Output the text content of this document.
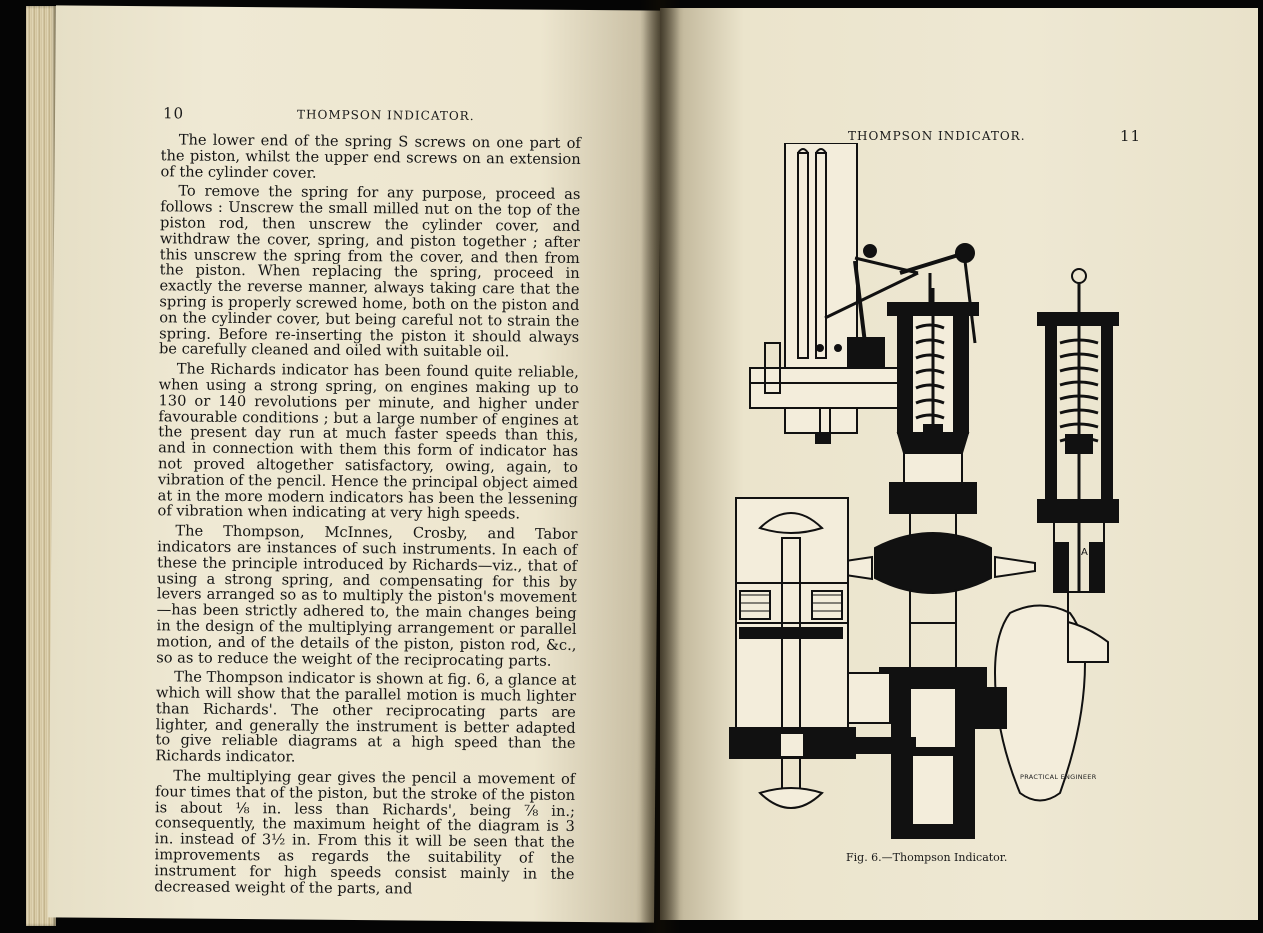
10	THOMPSON INDICATOR.

The lower end of the spring S screws on one part of the piston, whilst the upper end screws on an extension of the cylinder cover.

To remove the spring for any purpose, proceed as follows : Unscrew the small milled nut on the top of the piston rod, then unscrew the cylinder cover, and withdraw the cover, spring, and piston together ; after this unscrew the spring from the cover, and then from the piston. When replacing the spring, proceed in exactly the reverse manner, always taking care that the spring is properly screwed home, both on the piston and on the cylinder cover, but being careful not to strain the spring. Before re-inserting the piston it should always be carefully cleaned and oiled with suitable oil.

The Richards indicator has been found quite reliable, when using a strong spring, on engines making up to 130 or 140 revolutions per minute, and higher under favourable conditions ; but a large number of engines at the present day run at much faster speeds than this, and in connection with them this form of indicator has not proved altogether satisfactory, owing, again, to vibration of the pencil. Hence the principal object aimed at in the more modern indicators has been the lessening of vibration when indicating at very high speeds.

The Thompson, McInnes, Crosby, and Tabor indicators are instances of such instruments. In each of these the principle introduced by Richards—viz., that of using a strong spring, and compensating for this by levers arranged so as to multiply the piston's movement—has been strictly adhered to, the main changes being in the design of the multiplying arrangement or parallel motion, and of the details of the piston, piston rod, &c., so as to reduce the weight of the reciprocating parts.

The Thompson indicator is shown at fig. 6, a glance at which will show that the parallel motion is much lighter than Richards'. The other reciprocating parts are lighter, and generally the instrument is better adapted to give reliable diagrams at a high speed than the Richards indicator.

The multiplying gear gives the pencil a movement of four times that of the piston, but the stroke of the piston is about ⅛ in. less than Richards', being ⅞ in.; consequently, the maximum height of the diagram is 3 in. instead of 3½ in. From this it will be seen that the improvements as regards the suitability of the instrument for high speeds consist mainly in the decreased weight of the parts, and

THOMPSON INDICATOR.	11
A
PRACTICAL ENGINEER
Fig. 6.—Thompson Indicator.
